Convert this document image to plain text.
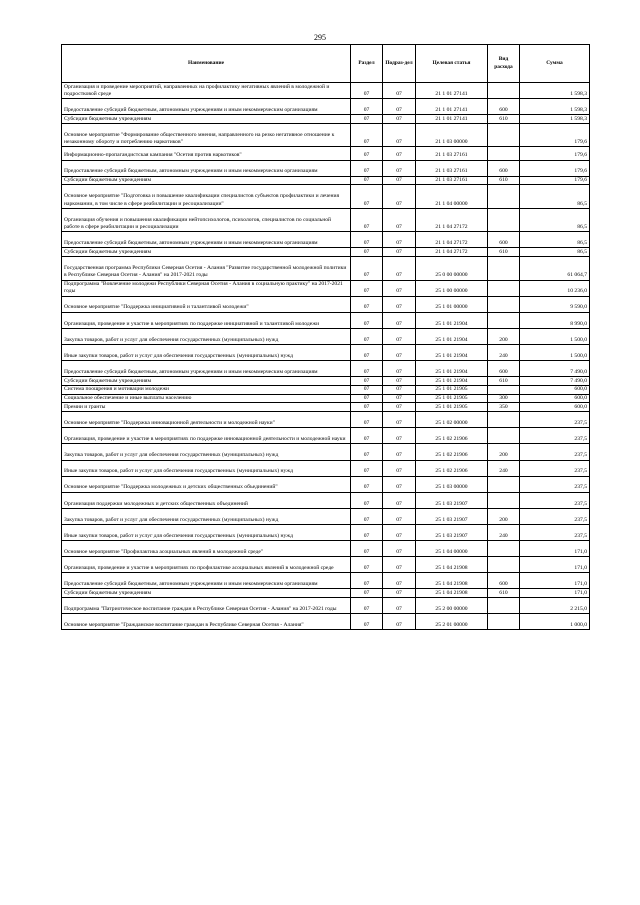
295
Наименование	Раздел	Подраз-дел	Целевая статья	Вид расхода	Сумма
Организация и проведение мероприятий, направленных на профилактику негативных явлений в молодежной и подростковой среде	07	07	21 1 01 27141		1 598,3
Предоставление субсидий бюджетным, автономным учреждениям и иным некоммерческим организациям	07	07	21 1 01 27141	600	1 598,3
Субсидии бюджетным учреждениям	07	07	21 1 01 27141	610	1 598,3
Основное мероприятие "Формирование общественного мнения, направленного на резко негативное отношение к незаконному обороту и потреблению наркотиков"	07	07	21 1 03 00000		179,6
Информационно-пропагандистская кампания "Осетия против наркотиков"	07	07	21 1 03 27161		179,6
Предоставление субсидий бюджетным, автономным учреждениям и иным некоммерческим организациям	07	07	21 1 03 27161	600	179,6
Субсидии бюджетным учреждениям	07	07	21 1 03 27161	610	179,6
Основное мероприятие "Подготовка и повышение квалификации специалистов субъектов профилактики и лечения наркомании, в том числе в сфере реабилитации и ресоциализации"	07	07	21 1 04 00000		86,5
Организация обучения и повышения квалификации нейтопсихологов, психологов, специалистов по социальной работе в сфере реабилитации и ресоциализации	07	07	21 1 04 27172		86,5
Предоставление субсидий бюджетным, автономным учреждениям и иным некоммерческим организациям	07	07	21 1 04 27172	600	86,5
Субсидии бюджетным учреждениям	07	07	21 1 04 27172	610	86,5
Государственная программа Республики Северная Осетия - Алания "Развитие государственной молодежной политики в Республике Северная Осетия - Алания" на 2017-2021 годы	07	07	25 0 00 00000		61 064,7
Подпрограмма "Вовлечение молодежи Республики Северная Осетия - Алания в социальную практику" на 2017-2021 годы	07	07	25 1 00 00000		10 236,0
Основное мероприятие "Поддержка инициативной и талантливой молодежи"	07	07	25 1 01 00000		9 590,0
Организация, проведение и участие в мероприятиях по поддержке инициативной и талантливой молодежи	07	07	25 1 01 21904		8 990,0
Закупка товаров, работ и услуг для обеспечения государственных (муниципальных) нужд	07	07	25 1 01 21904	200	1 500,0
Иные закупки товаров, работ и услуг для обеспечения государственных (муниципальных) нужд	07	07	25 1 01 21904	240	1 500,0
Предоставление субсидий бюджетным, автономным учреждениям и иным некоммерческим организациям	07	07	25 1 01 21904	600	7 490,0
Субсидии бюджетным учреждениям	07	07	25 1 01 21904	610	7 490,0
Система поощрения и мотивации молодежи	07	07	25 1 01 21905		600,0
Социальное обеспечение и иные выплаты населению	07	07	25 1 01 21905	300	600,0
Премии и гранты	07	07	25 1 01 21905	350	600,0
Основное мероприятие "Поддержка инновационной деятельности и молодежной науки"	07	07	25 1 02 00000		237,5
Организация, проведение и участие в мероприятиях по поддержке инновационной деятельности и молодежной науки	07	07	25 1 02 21906		237,5
Закупка товаров, работ и услуг для обеспечения государственных (муниципальных) нужд	07	07	25 1 02 21906	200	237,5
Иные закупки товаров, работ и услуг для обеспечения государственных (муниципальных) нужд	07	07	25 1 02 21906	240	237,5
Основное мероприятие "Поддержка молодежных и детских общественных объединений"	07	07	25 1 03 00000		237,5
Организация поддержки молодежных и детских общественных объединений	07	07	25 1 03 21907		237,5
Закупка товаров, работ и услуг для обеспечения государственных (муниципальных) нужд	07	07	25 1 03 21907	200	237,5
Иные закупки товаров, работ и услуг для обеспечения государственных (муниципальных) нужд	07	07	25 1 03 21907	240	237,5
Основное мероприятие "Профилактика асоциальных явлений в молодежной среде"	07	07	25 1 04 00000		171,0
Организация, проведение и участие в мероприятиях по профилактике асоциальных явлений в молодежной среде	07	07	25 1 04 21908		171,0
Предоставление субсидий бюджетным, автономным учреждениям и иным некоммерческим организациям	07	07	25 1 04 21908	600	171,0
Субсидии бюджетным учреждениям	07	07	25 1 04 21908	610	171,0
Подпрограмма "Патриотическое воспитание граждан в Республике Северная Осетия - Алания" на 2017-2021 годы	07	07	25 2 00 00000		2 215,0
Основное мероприятие "Гражданское воспитание граждан в Республике Северная Осетия - Алания"	07	07	25 2 01 00000		1 000,0
